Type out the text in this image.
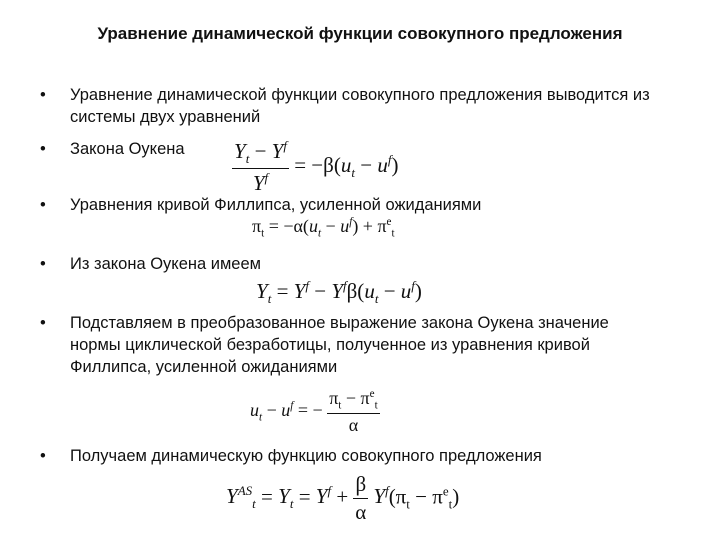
Уравнение динамической функции совокупного предложения
• Уравнение динамической функции совокупного предложения выводится из системы двух уравнений
• Закона Оукена	$\frac{Y_t - Y^f}{Y^f} = -\beta(u_t - u^f)$
• Уравнения кривой Филлипса, усиленной ожиданиями
$\pi_t = -\alpha(u_t - u^f) + \pi^e_t$
• Из закона Оукена имеем
$Y_t = Y^f - Y^f\beta(u_t - u^f)$
• Подставляем в преобразованное выражение закона Оукена значение нормы циклической безработицы, полученное из уравнения кривой Филлипса, усиленной ожиданиями
$u_t - u^f$ = − $\frac{\pi_t - \pi^e_t}{\alpha}$
• Получаем динамическую функцию совокупного предложения
$Y^{AS}_t = Y_t = Y^f + \frac{\beta}{\alpha} Y^f(\pi_t - \pi^e_t)$
